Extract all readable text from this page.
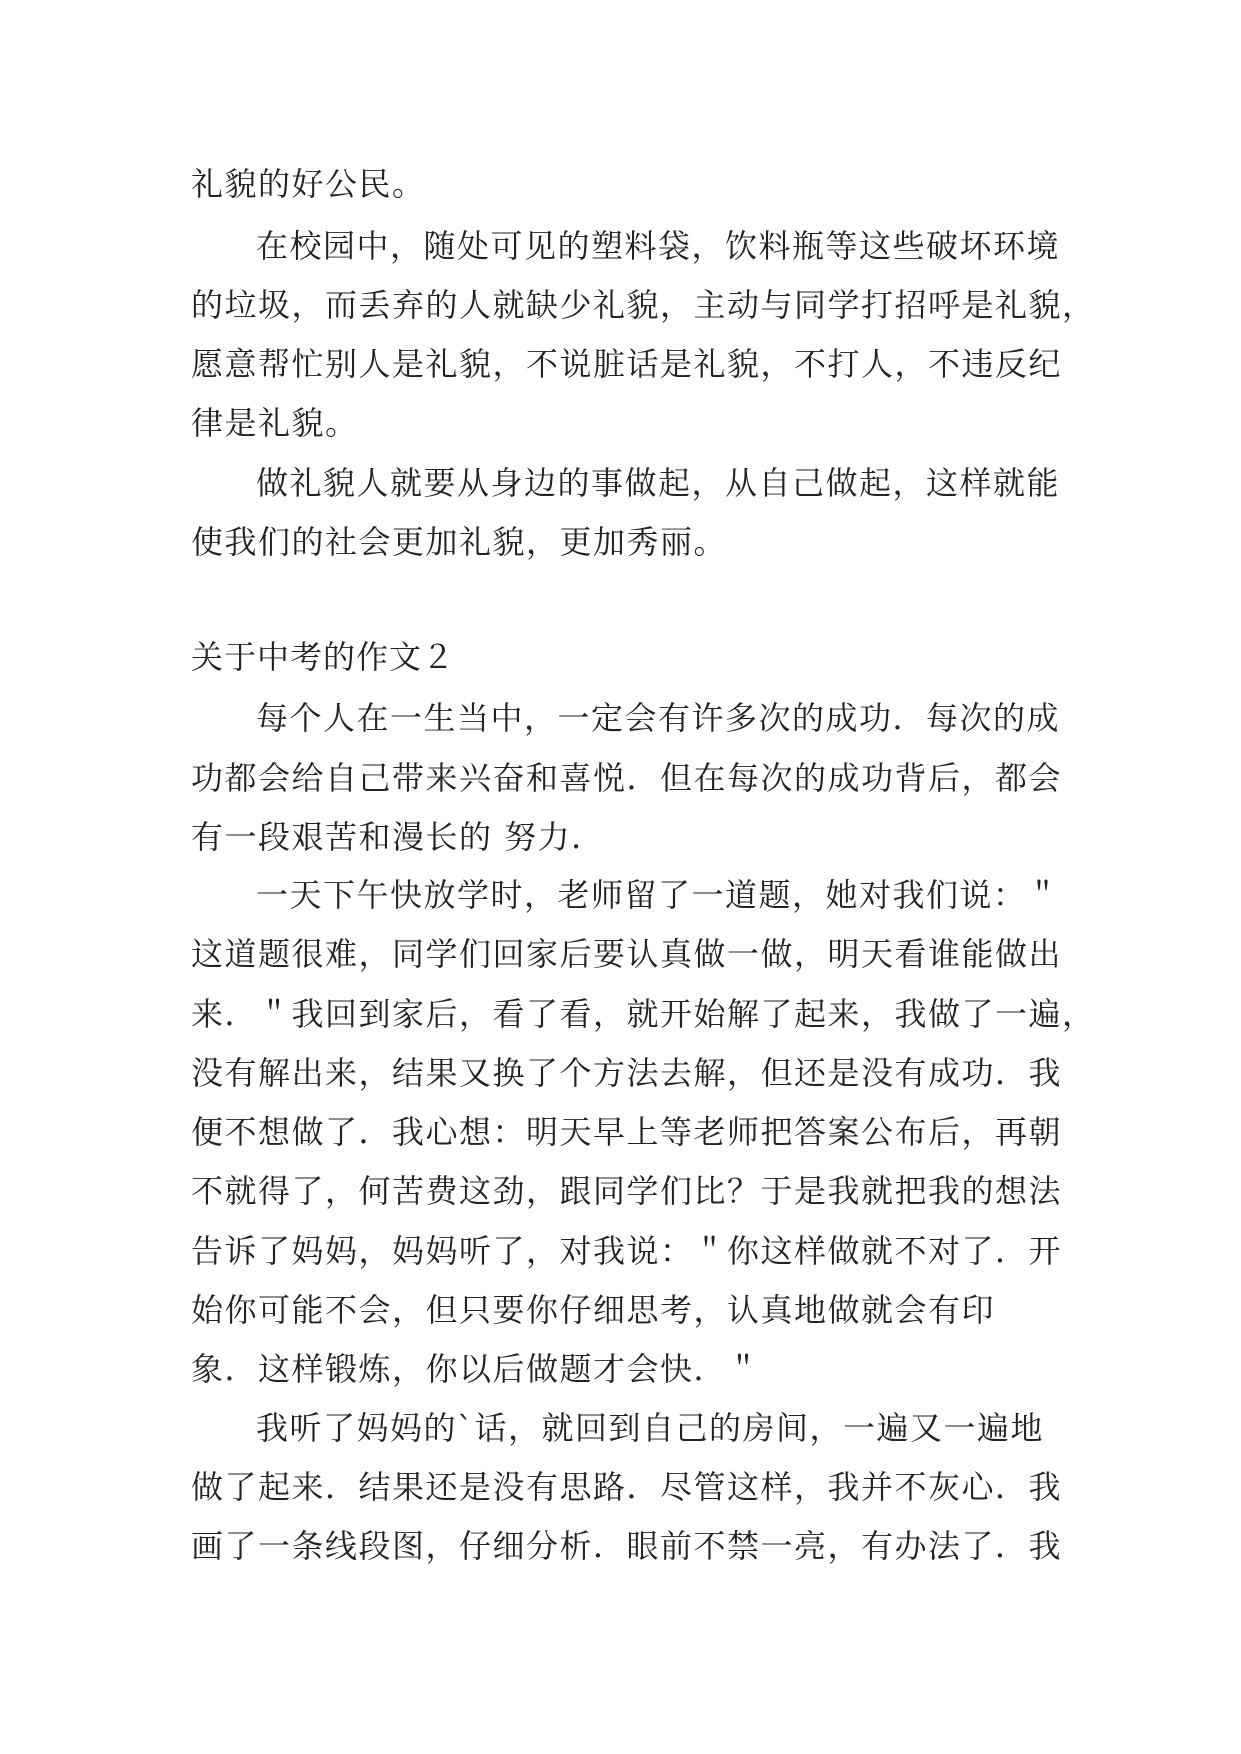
礼貌的好公民。
在校园中，随处可见的塑料袋，饮料瓶等这些破坏环境
的垃圾，而丢弃的人就缺少礼貌，主动与同学打招呼是礼貌，
愿意帮忙别人是礼貌，不说脏话是礼貌，不打人，不违反纪
律是礼貌。
做礼貌人就要从身边的事做起，从自己做起，这样就能
使我们的社会更加礼貌，更加秀丽。
关于中考的作文２
每个人在一生当中，一定会有许多次的成功．每次的成
功都会给自己带来兴奋和喜悦．但在每次的成功背后，都会
有一段艰苦和漫长的 努力．
一天下午快放学时，老师留了一道题，她对我们说：＂
这道题很难，同学们回家后要认真做一做，明天看谁能做出
来．＂我回到家后，看了看，就开始解了起来，我做了一遍，
没有解出来，结果又换了个方法去解，但还是没有成功．我
便不想做了．我心想：明天早上等老师把答案公布后，再朝
不就得了，何苦费这劲，跟同学们比？于是我就把我的想法
告诉了妈妈，妈妈听了，对我说：＂你这样做就不对了．开
始你可能不会，但只要你仔细思考，认真地做就会有印
象．这样锻炼，你以后做题才会快．＂
我听了妈妈的`话，就回到自己的房间，一遍又一遍地
做了起来．结果还是没有思路．尽管这样，我并不灰心．我
画了一条线段图，仔细分析．眼前不禁一亮，有办法了．我
